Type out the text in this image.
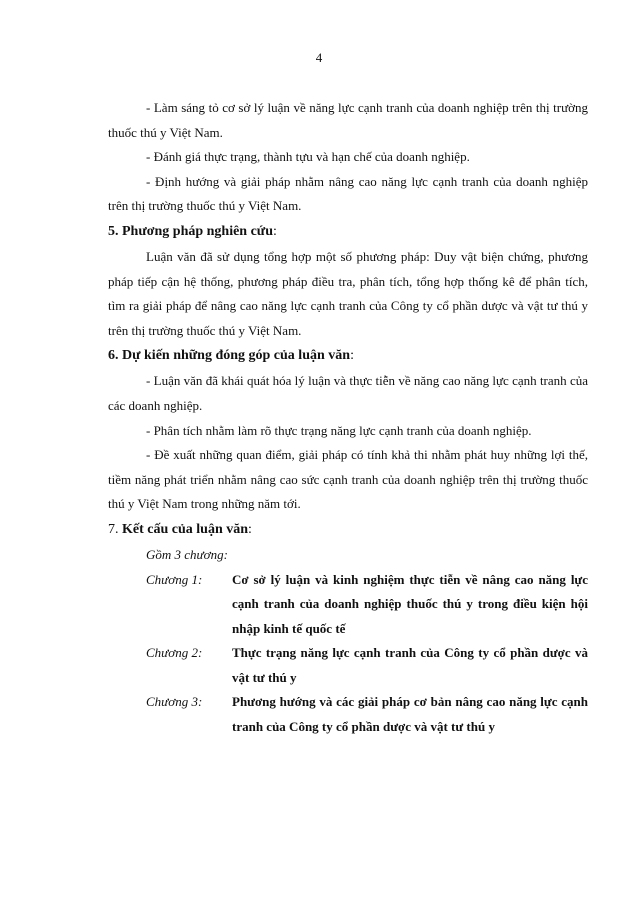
4

- Làm sáng tỏ cơ sở lý luận về năng lực cạnh tranh của doanh nghiệp trên thị trường thuốc thú y Việt Nam.

- Đánh giá thực trạng, thành tựu và hạn chế của doanh nghiệp.

- Định hướng và giải pháp nhằm nâng cao năng lực cạnh tranh của doanh nghiệp trên thị trường thuốc thú y Việt Nam.

5. Phương pháp nghiên cứu:

Luận văn đã sử dụng tổng hợp một số phương pháp: Duy vật biện chứng, phương pháp tiếp cận hệ thống, phương pháp điều tra, phân tích, tổng hợp thống kê để phân tích, tìm ra giải pháp để nâng cao năng lực cạnh tranh của Công ty cổ phần dược và vật tư thú y trên thị trường thuốc thú y Việt Nam.

6. Dự kiến những đóng góp của luận văn:

- Luận văn đã khái quát hóa lý luận và thực tiễn về năng cao năng lực cạnh tranh của các doanh nghiệp.

- Phân tích nhằm làm rõ thực trạng năng lực cạnh tranh của doanh nghiệp.

- Đề xuất những quan điểm, giải pháp có tính khả thi nhằm phát huy những lợi thế, tiềm năng phát triển nhằm nâng cao sức cạnh tranh của doanh nghiệp trên thị trường thuốc thú y Việt Nam trong những năm tới.

7. Kết cấu của luận văn:

Gồm 3 chương:

Chương 1:	Cơ sở lý luận và kinh nghiệm thực tiễn về nâng cao năng lực cạnh tranh của doanh nghiệp thuốc thú y trong điều kiện hội nhập kinh tế quốc tế
Chương 2:	Thực trạng năng lực cạnh tranh của Công ty cổ phần dược và vật tư thú y
Chương 3:	Phương hướng và các giải pháp cơ bản nâng cao năng lực cạnh tranh của Công ty cổ phần dược và vật tư thú y
